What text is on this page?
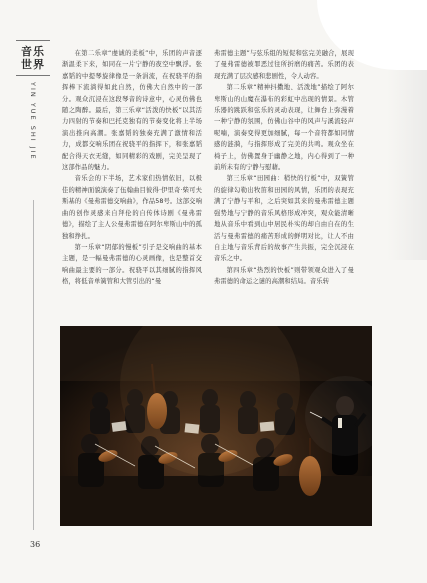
音乐世界
YIN YUE SHI JIE
36

在第二乐章“虔诚的柔板”中，乐团的声音逐渐温柔下来，如同在一片宁静的夜空中飘浮。张嘉韬的中提琴旋律像是一条涓流，在祝骁平的指挥棒下流淌得如此自然，仿佛大自然中的一部分。观众沉浸在这段琴音的诗意中，心灵仿佛也随之陶醉。最后，第三乐章“活泼的快板”以其活力四射的节奏和巴托克独有的节奏变化将上半场演出推向高潮。张嘉韬的独奏充满了激情和活力，成都交响乐团在祝骁平的指挥下，和张嘉韬配合得天衣无缝，如同精彩的戏剧，完美呈现了这部作品的魅力。

音乐会的下半场，艺术家们热情依旧，以极佳的精神面貌演奏了伍翰曲目彼得·伊里奇·柴可夫斯基的《曼弗雷德交响曲》，作品58号。这部交响曲的创作灵感来自拜伦的自传体诗剧《曼弗雷德》，描绘了主人公曼弗雷德在阿尔卑斯山中的孤独和挣扎。

第一乐章“阴郁的慢板”引子是交响曲的基本主题，是一幅曼弗雷德的心灵画像，也是整首交响曲最主要的一部分。祝骁平以其细腻的指挥风格，将低音单簧管和大管引出的“曼

弗雷德主题”与弦乐组的短促和弦完美融合，展现了曼弗雷德被罪恶过往所折磨的痛苦。乐团的表现充满了层次感和悲剧性，令人动容。

第二乐章“精神抖擞地、活泼地”描绘了阿尔卑斯山的山魔在瀑布的彩虹中出现的情景。木管乐器的跳跃和弦乐的灵动表现，让舞台上弥漫着一种宁静的氛围，仿佛山谷中的风声与溪流轻声呢喃，演奏变得更加细腻，每一个音符都如同情感的涟漪，与指挥形成了完美的共鸣。观众坐在椅子上，仿佛置身于幽静之地，内心得到了一种前所未有的宁静与慰藉。

第三乐章“田园曲：稍快的行板”中，双簧管的旋律勾勒出牧笛和田园的风情，乐团的表现充满了宁静与平和，之后突如其来的曼弗雷德主题强势地与宁静的音乐风格形成冲突，观众能清晰地从音乐中看到山中居民朴实的却自由自在的生活与曼弗雷德的痛苦形成的鲜明对比，让人不由自主地与音乐背后的故事产生共振，完全沉浸在音乐之中。

第四乐章“热烈的快板”则带领观众进入了曼弗雷德的命运之谜的高潮和结局。音乐转
